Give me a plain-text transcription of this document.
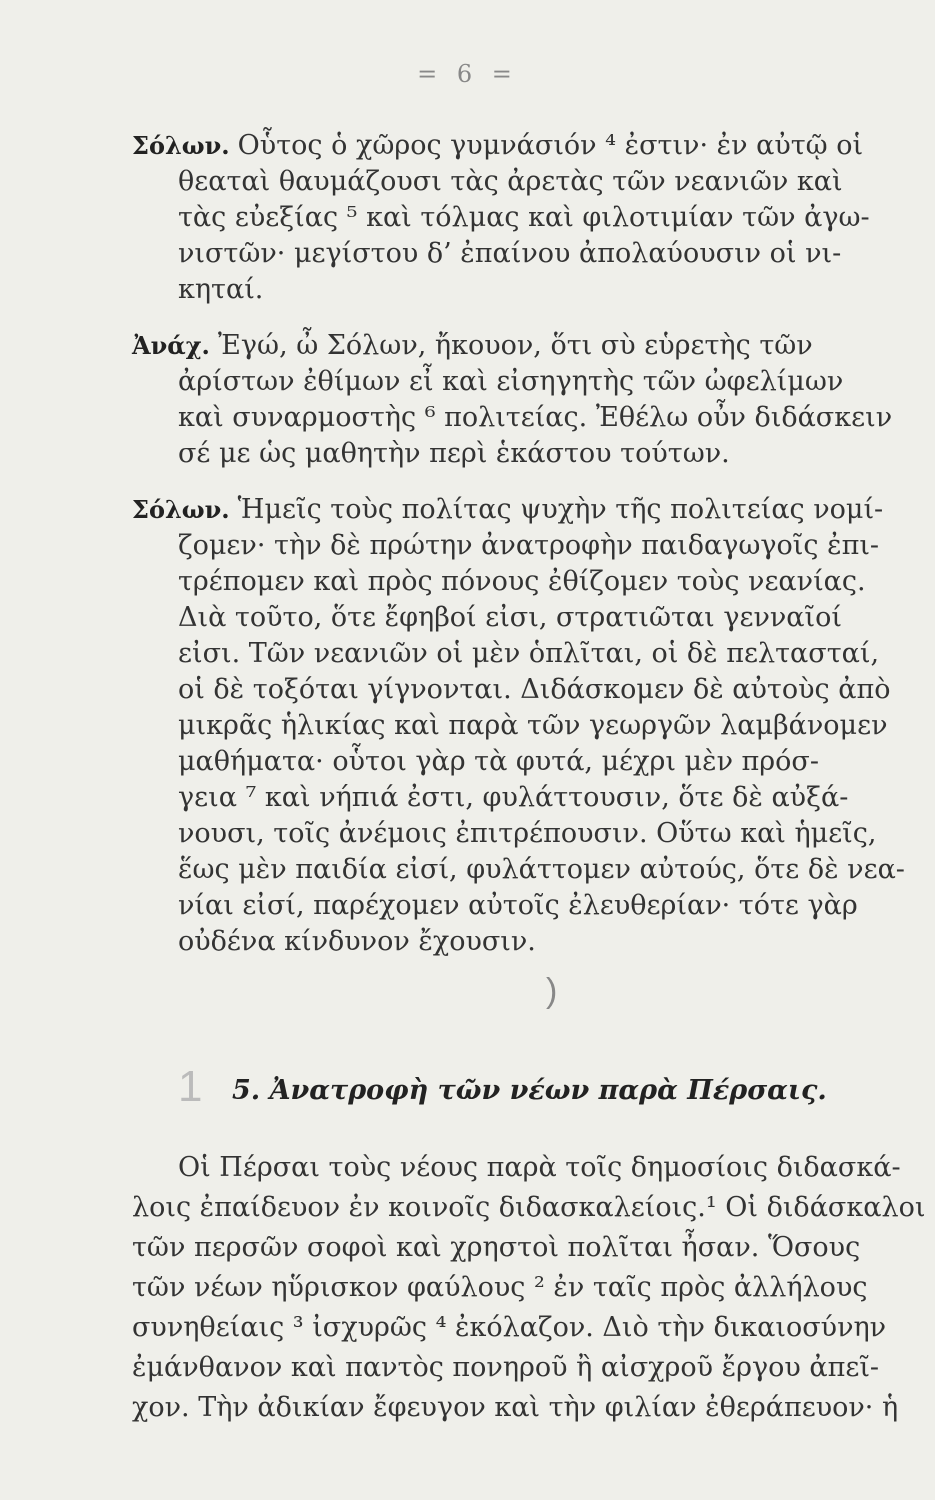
= 6 =
Σόλων. Οὗτος ὁ χῶρος γυμνάσιόν ⁴ ἐστιν· ἐν αὐτῷ οἱ
θεαταὶ θαυμάζουσι τὰς ἀρετὰς τῶν νεανιῶν καὶ
τὰς εὐεξίας ⁵ καὶ τόλμας καὶ φιλοτιμίαν τῶν ἀγω-
νιστῶν· μεγίστου δ’ ἐπαίνου ἀπολαύουσιν οἱ νι-
κηταί.
Ἀνάχ. Ἐγώ, ὦ Σόλων, ἤκουον, ὅτι σὺ εὑρετὴς τῶν
ἀρίστων ἐθίμων εἶ καὶ εἰσηγητὴς τῶν ὠφελίμων
καὶ συναρμοστὴς ⁶ πολιτείας. Ἐθέλω οὖν διδάσκειν
σέ με ὡς μαθητὴν περὶ ἑκάστου τούτων.
Σόλων. Ἡμεῖς τοὺς πολίτας ψυχὴν τῆς πολιτείας νομί-
ζομεν· τὴν δὲ πρώτην ἀνατροφὴν παιδαγωγοῖς ἐπι-
τρέπομεν καὶ πρὸς πόνους ἐθίζομεν τοὺς νεανίας.
Διὰ τοῦτο, ὅτε ἔφηβοί εἰσι, στρατιῶται γενναῖοί
εἰσι. Τῶν νεανιῶν οἱ μὲν ὁπλῖται, οἱ δὲ πελτασταί,
οἱ δὲ τοξόται γίγνονται. Διδάσκομεν δὲ αὐτοὺς ἀπὸ
μικρᾶς ἡλικίας καὶ παρὰ τῶν γεωργῶν λαμβάνομεν
μαθήματα· οὗτοι γὰρ τὰ φυτά, μέχρι μὲν πρόσ-
γεια ⁷ καὶ νήπιά ἐστι, φυλάττουσιν, ὅτε δὲ αὐξά-
νουσι, τοῖς ἀνέμοις ἐπιτρέπουσιν. Οὕτω καὶ ἡμεῖς,
ἕως μὲν παιδία εἰσί, φυλάττομεν αὐτούς, ὅτε δὲ νεα-
νίαι εἰσί, παρέχομεν αὐτοῖς ἐλευθερίαν· τότε γὰρ
οὐδένα κίνδυνον ἔχουσιν.
)
1 5. Ἀνατροφὴ τῶν νέων παρὰ Πέρσαις.
Οἱ Πέρσαι τοὺς νέους παρὰ τοῖς δημοσίοις διδασκά-
λοις ἐπαίδευον ἐν κοινοῖς διδασκαλείοις.¹ Οἱ διδάσκαλοι
τῶν περσῶν σοφοὶ καὶ χρηστοὶ πολῖται ἦσαν. Ὅσους
τῶν νέων ηὕρισκον φαύλους ² ἐν ταῖς πρὸς ἀλλήλους
συνηθείαις ³ ἰσχυρῶς ⁴ ἐκόλαζον. Διὸ τὴν δικαιοσύνην
ἐμάνθανον καὶ παντὸς πονηροῦ ἢ αἰσχροῦ ἔργου ἀπεῖ-
χον. Τὴν ἀδικίαν ἔφευγον καὶ τὴν φιλίαν ἐθεράπευον· ἡ
